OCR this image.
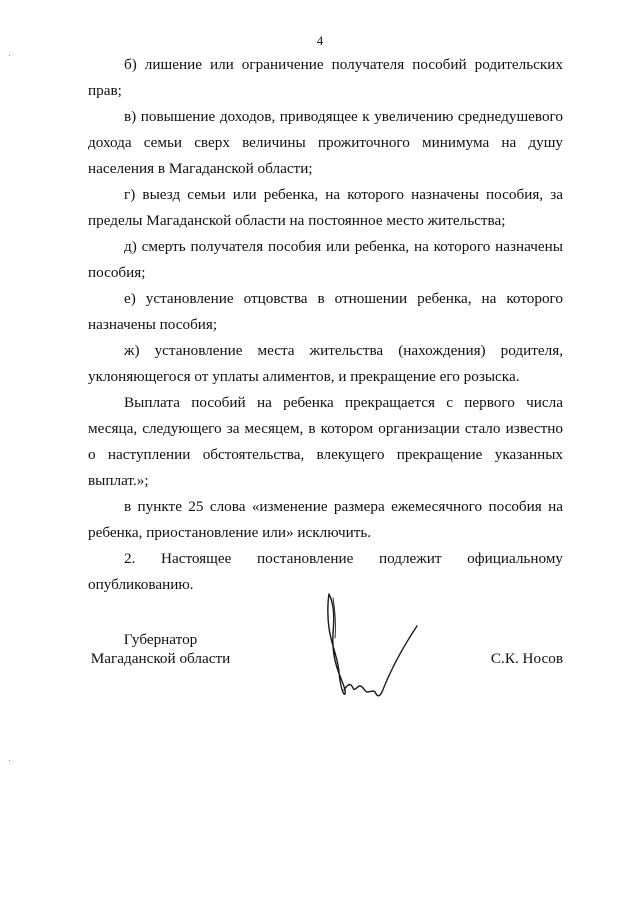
4
б) лишение или ограничение получателя пособий родительских прав;
в) повышение доходов, приводящее к увеличению среднедушевого дохода семьи сверх величины прожиточного минимума на душу населения в Магаданской области;
г) выезд семьи или ребенка, на которого назначены пособия, за пределы Магаданской области на постоянное место жительства;
д) смерть получателя пособия или ребенка, на которого назначены пособия;
е) установление отцовства в отношении ребенка, на которого назначены пособия;
ж) установление места жительства (нахождения) родителя, уклоняющегося от уплаты алиментов, и прекращение его розыска.
Выплата пособий на ребенка прекращается с первого числа месяца, следующего за месяцем, в котором организации стало известно о наступлении обстоятельства, влекущего прекращение указанных выплат.»;
в пункте 25 слова «изменение размера ежемесячного пособия на ребенка, приостановление или» исключить.
2. Настоящее постановление подлежит официальному опубликованию.
Губернатор
Магаданской области	С.К. Носов
